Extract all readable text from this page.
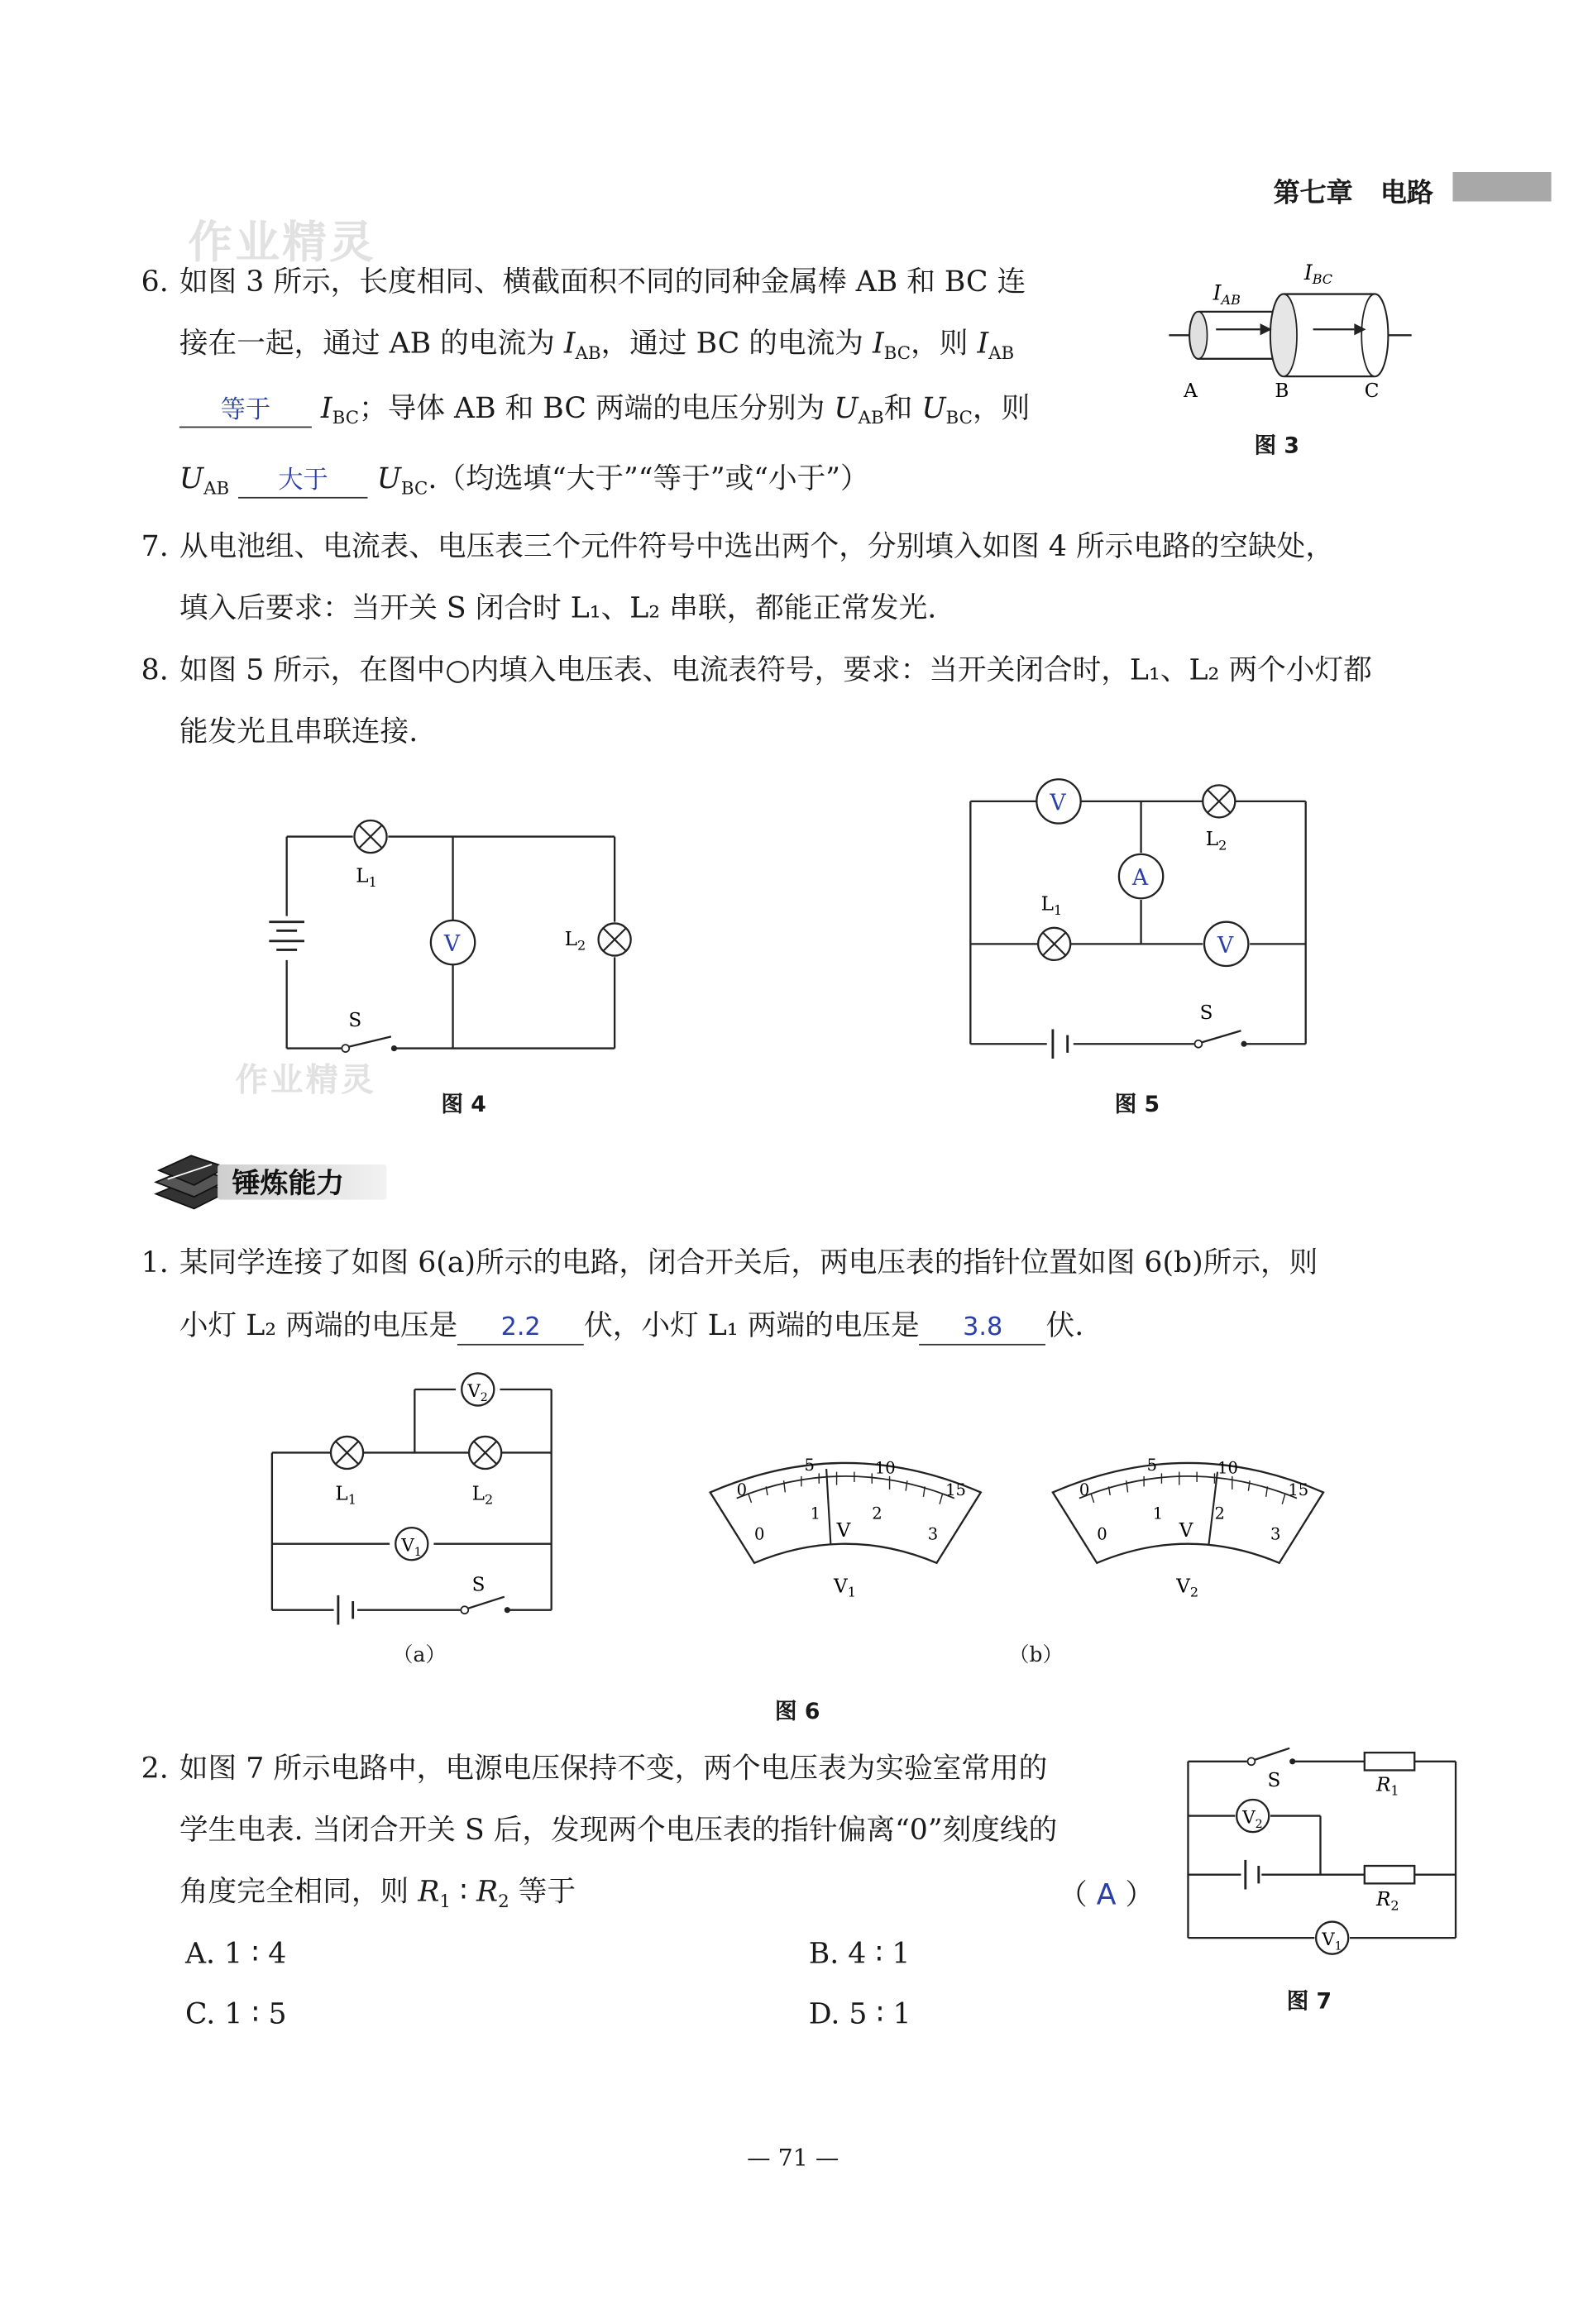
第七章 电路
作业精灵
作业精灵
6. 如图 3 所示，长度相同、横截面积不同的同种金属棒 AB 和 BC 连
接在一起，通过 AB 的电流为 $I_{AB}$，通过 BC 的电流为 $I_{BC}$，则 $I_{AB}$
等于	$I_{BC}$；导体 AB 和 BC 两端的电压分别为 $U_{AB}$和 $U_{BC}$，则
$U_{AB}$	大于	$U_{BC}$.（均选填“大于”“等于”或“小于”）
$I_{AB}$
$I_{BC}$
A	B	C
图 3
7. 从电池组、电流表、电压表三个元件符号中选出两个，分别填入如图 4 所示电路的空缺处，
填入后要求：当开关 S 闭合时 L₁、L₂ 串联，都能正常发光.
8. 如图 5 所示，在图中○内填入电压表、电流表符号，要求：当开关闭合时，L₁、L₂ 两个小灯都
能发光且串联连接.
$L_1$
V	$L_2$
S
图 4
V
$L_2$
A
$L_1$
V
S
图 5
锤炼能力
1. 某同学连接了如图 6(a)所示的电路，闭合开关后，两电压表的指针位置如图 6(b)所示，则
小灯 L₂ 两端的电压是	2.2	伏，小灯 L₁ 两端的电压是	3.8	伏.
$V_2$
$L_1$	$L_2$
$V_1$
S
（a）
0
5	10
15
0
1	2
3
V
$V_1$
0
5	10
15
0
1	2
3
V
$V_2$
（b）
图 6
2. 如图 7 所示电路中，电源电压保持不变，两个电压表为实验室常用的
学生电表. 当闭合开关 S 后，发现两个电压表的指针偏离“0”刻度线的
角度完全相同，则 $R_1$ ∶ $R_2$ 等于	（ A ）
A. 1 ∶ 4	B. 4 ∶ 1
C. 1 ∶ 5	D. 5 ∶ 1
S	$R_1$
$V_2$
$R_2$
$V_1$
图 7
— 71 —
